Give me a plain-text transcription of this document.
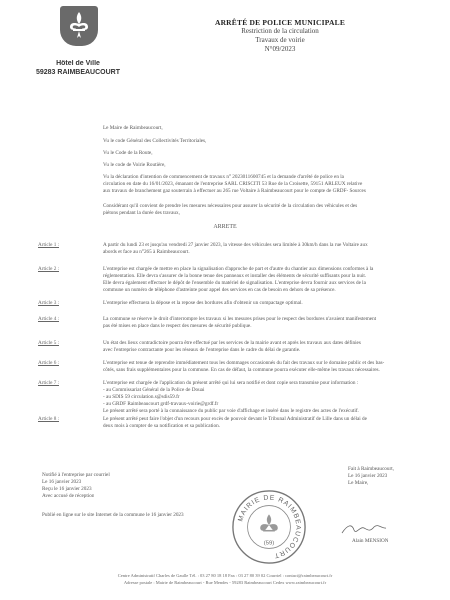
Hôtel de Ville
59283 RAIMBEAUCOURT
ARRÊTÉ DE POLICE MUNICIPALE
Restriction de la circulation
Travaux de voirie
N°09/2023
Le Maire de Raimbeaucourt,
Vu le code Général des Collectivités Territoriales,
Vu le Code de la Route,
Vu le code de Voirie Routière,
Vu la déclaration d'intention de commencement de travaux n° 2023011600745 et la demande d'arrêté de police en la
circulation en date du 16/01/2023, émanant de l'entreprise SARL CRISCITI 53 Rue de la Croisette, 59151 ARLEUX relative
aux travaux de branchement gaz souterrain à effectuer au 265 rue Voltaire à Raimbeaucourt pour le compte de GRDF- Sources
Considérant qu'il convient de prendre les mesures nécessaires pour assurer la sécurité de la circulation des véhicules et des
piétons pendant la durée des travaux,
ARRÊTE
Article 1 :	A partir du lundi 23 et jusqu'au vendredi 27 janvier 2023, la vitesse des véhicules sera limitée à 30km/h dans la rue Voltaire aux
abords et face au n°265 à Raimbeaucourt.
Article 2 :	L'entreprise est chargée de mettre en place la signalisation d'approche de part et d'autre du chantier aux dimensions conformes à la
réglementation. Elle devra s'assurer de la bonne tenue des panneaux et installer des éléments de sécurité suffisants pour la nuit.
Elle devra également effectuer le dépôt de l'ensemble du matériel de signalisation. L'entreprise devra fournir aux services de la
commune un numéro de téléphone d'astreinte pour appel des services en cas de besoin en dehors de sa présence.
Article 3 :	L'entreprise effectuera la dépose et la repose des bordures afin d'obtenir un compactage optimal.
Article 4 :	La commune se réserve le droit d'interrompre les travaux si les mesures prises pour le respect des bordures n'avaient manifestement
pas été mises en place dans le respect des mesures de sécurité publique.
Article 5 :	Un état des lieux contradictoire pourra être effectué par les services de la mairie avant et après les travaux aux dates définies
avec l'entreprise contractante pour les réseaux de l'entreprise dans le cadre du délai de garantie.
Article 6 :	L'entreprise est tenue de reprendre immédiatement tous les dommages occasionnés du fait des travaux sur le domaine public et des bas-
côtés, sans frais supplémentaires pour la commune. En cas de défaut, la commune pourra exécuter elle-même les travaux nécessaires.
Article 7 :	L'entreprise est chargée de l'application du présent arrêté qui lui sera notifié et dont copie sera transmise pour information :
- au Commissariat Général de la Police de Douai
- au SDIS 59 circulation.s@sdis59.fr
- au GRDF Raimbeaucourt grdf-travaux-voirie@grdf.fr
Le présent arrêté sera porté à la connaissance du public par voie d'affichage et inséré dans le registre des actes de l'exécutif.
Article 8 :	Le présent arrêté peut faire l'objet d'un recours pour excès de pouvoir devant le Tribunal Administratif de Lille dans un délai de
deux mois à compter de sa notification et sa publication.
Notifié à l'entreprise par courriel
Le 16 janvier 2023
Reçu le 16 janvier 2023
Avec accusé de réception
Publié en ligne sur le site Internet de la commune le 16 janvier 2023
Fait à Raimbeaucourt,
Le 16 janvier 2023
Le Maire,
MAIRIE DE RAIMBEAUCOURT
(59)	Alain MENSION
Centre Administratif Charles de Gaulle Tél. : 03 27 80 18 18 Fax : 03 27 80 39 02 Courriel : contact@raimbeaucourt.fr
Adresse postale : Mairie de Raimbeaucourt - Rue Mendes - 59283 Raimbeaucourt Cedex www.raimbeaucourt.fr
